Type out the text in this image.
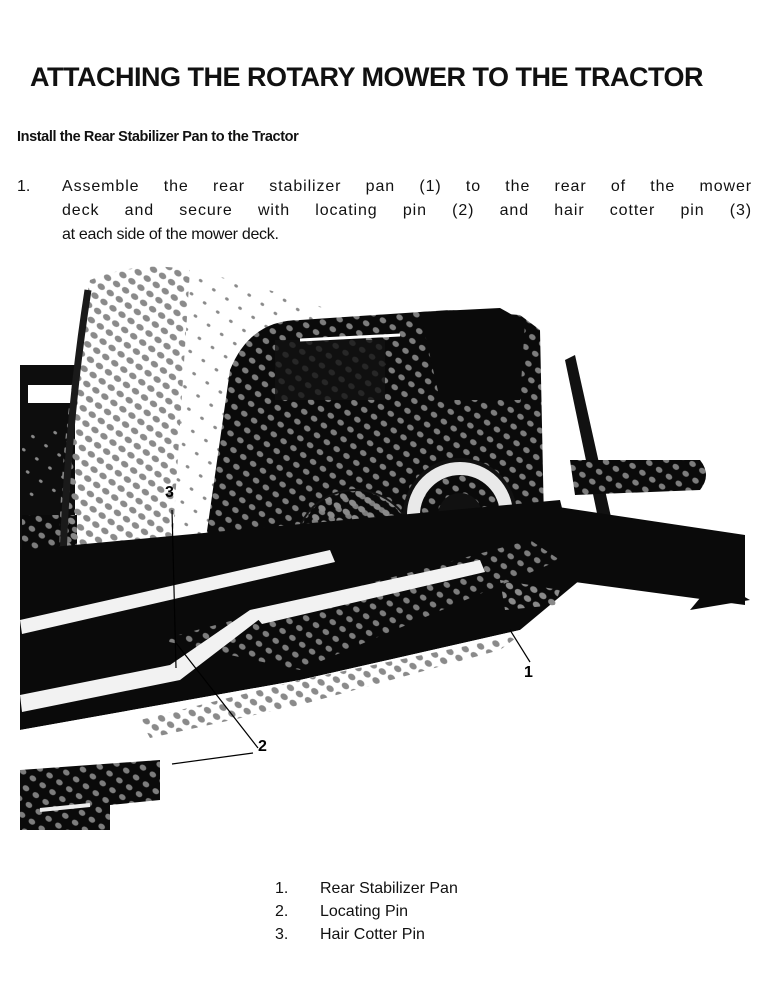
ATTACHING THE ROTARY MOWER TO THE TRACTOR
Install the Rear Stabilizer Pan to the Tractor
1. Assemble the rear stabilizer pan (1) to the rear of the mower
deck and secure with locating pin (2) and hair cotter pin (3)
at each side of the mower deck.
3
1
2
1. Rear Stabilizer Pan
2. Locating Pin
3. Hair Cotter Pin
